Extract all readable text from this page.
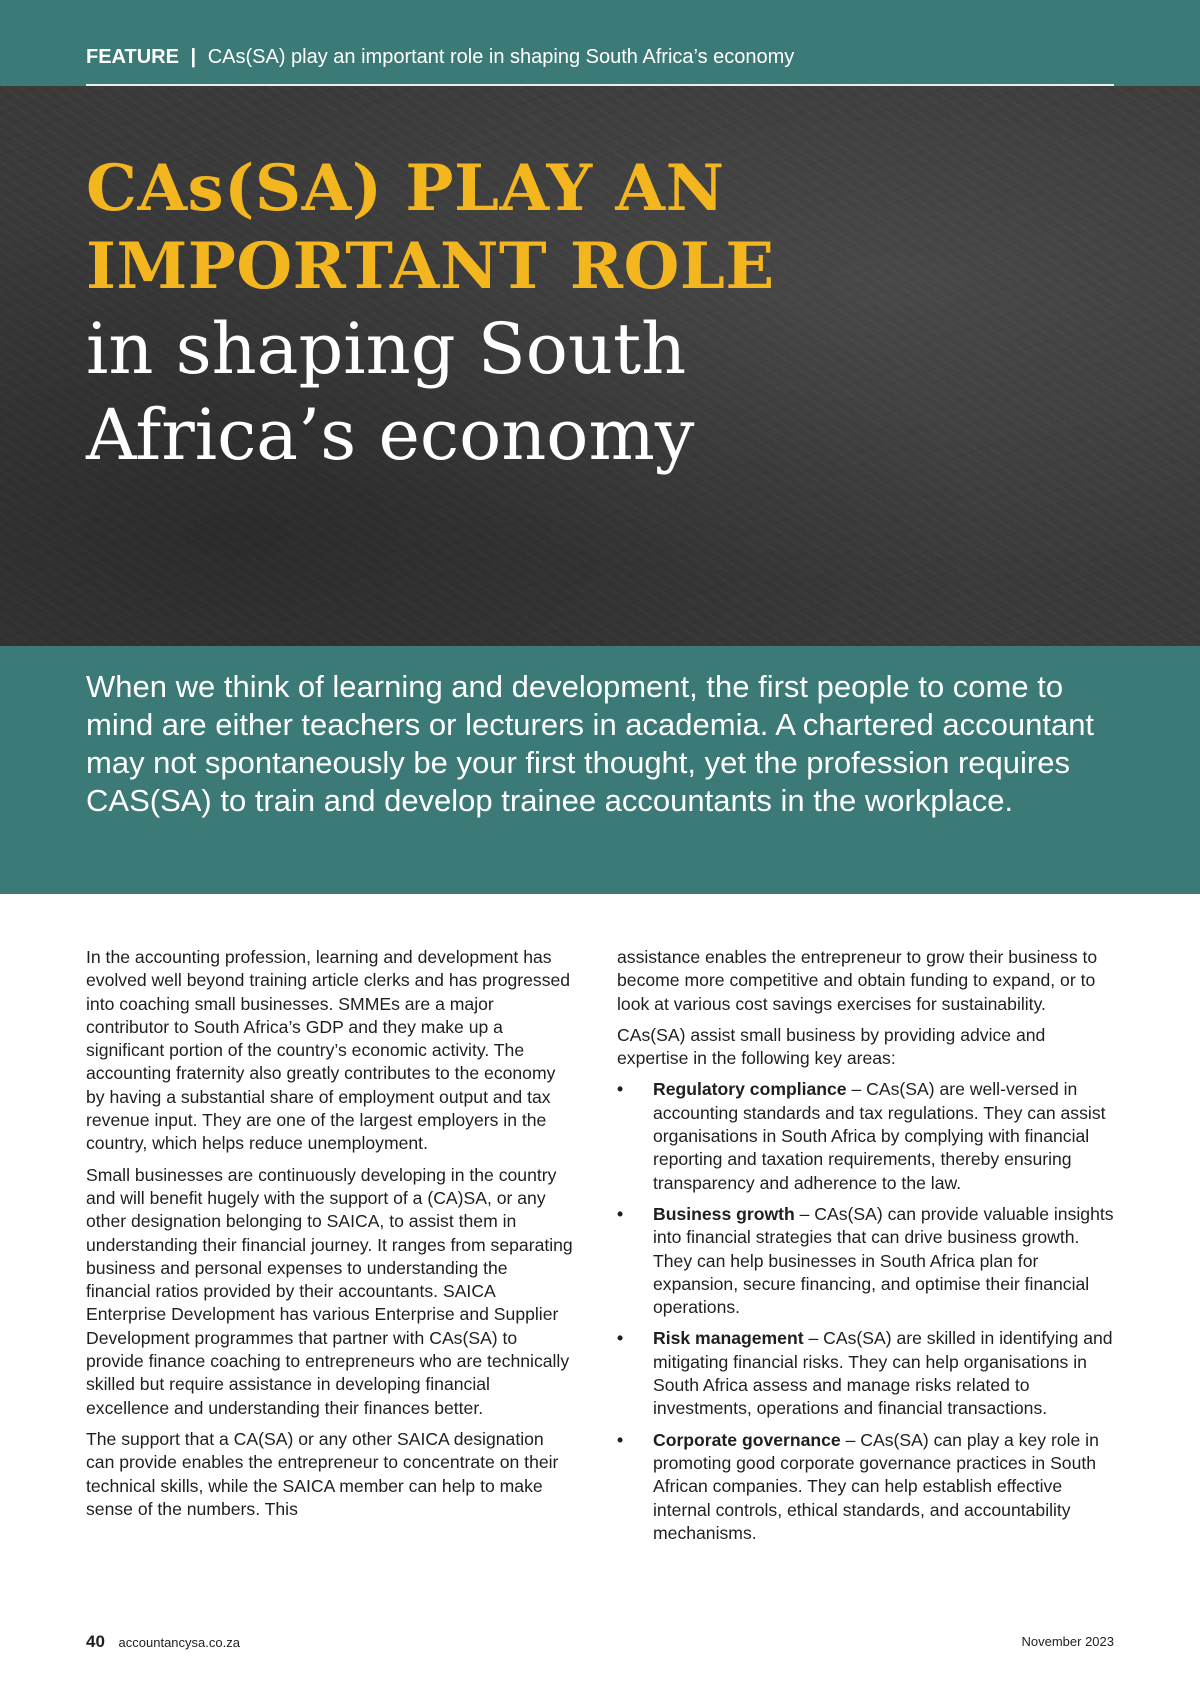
FEATURE | CAs(SA) play an important role in shaping South Africa’s economy
CAs(SA) PLAY AN
IMPORTANT ROLE
in shaping South
Africa’s economy

When we think of learning and development, the first people to come to mind are either teachers or lecturers in academia. A chartered accountant may not spontaneously be your first thought, yet the profession requires CAS(SA) to train and develop trainee accountants in the workplace.

In the accounting profession, learning and development has evolved well beyond training article clerks and has progressed into coaching small businesses. SMMEs are a major contributor to South Africa’s GDP and they make up a significant portion of the country’s economic activity. The accounting fraternity also greatly contributes to the economy by having a substantial share of employment output and tax revenue input. They are one of the largest employers in the country, which helps reduce unemployment.

Small businesses are continuously developing in the country and will benefit hugely with the support of a (CA)SA, or any other designation belonging to SAICA, to assist them in understanding their financial journey. It ranges from separating business and personal expenses to understanding the financial ratios provided by their accountants. SAICA Enterprise Development has various Enterprise and Supplier Development programmes that partner with CAs(SA) to provide finance coaching to entrepreneurs who are technically skilled but require assistance in developing financial excellence and understanding their finances better.

The support that a CA(SA) or any other SAICA designation can provide enables the entrepreneur to concentrate on their technical skills, while the SAICA member can help to make sense of the numbers. This

assistance enables the entrepreneur to grow their business to become more competitive and obtain funding to expand, or to look at various cost savings exercises for sustainability.

CAs(SA) assist small business by providing advice and expertise in the following key areas:

• Regulatory compliance – CAs(SA) are well-versed in accounting standards and tax regulations. They can assist organisations in South Africa by complying with financial reporting and taxation requirements, thereby ensuring transparency and adherence to the law.
• Business growth – CAs(SA) can provide valuable insights into financial strategies that can drive business growth. They can help businesses in South Africa plan for expansion, secure financing, and optimise their financial operations.
• Risk management – CAs(SA) are skilled in identifying and mitigating financial risks. They can help organisations in South Africa assess and manage risks related to investments, operations and financial transactions.
• Corporate governance – CAs(SA) can play a key role in promoting good corporate governance practices in South African companies. They can help establish effective internal controls, ethical standards, and accountability mechanisms.
40 accountancysa.co.za	November 2023
